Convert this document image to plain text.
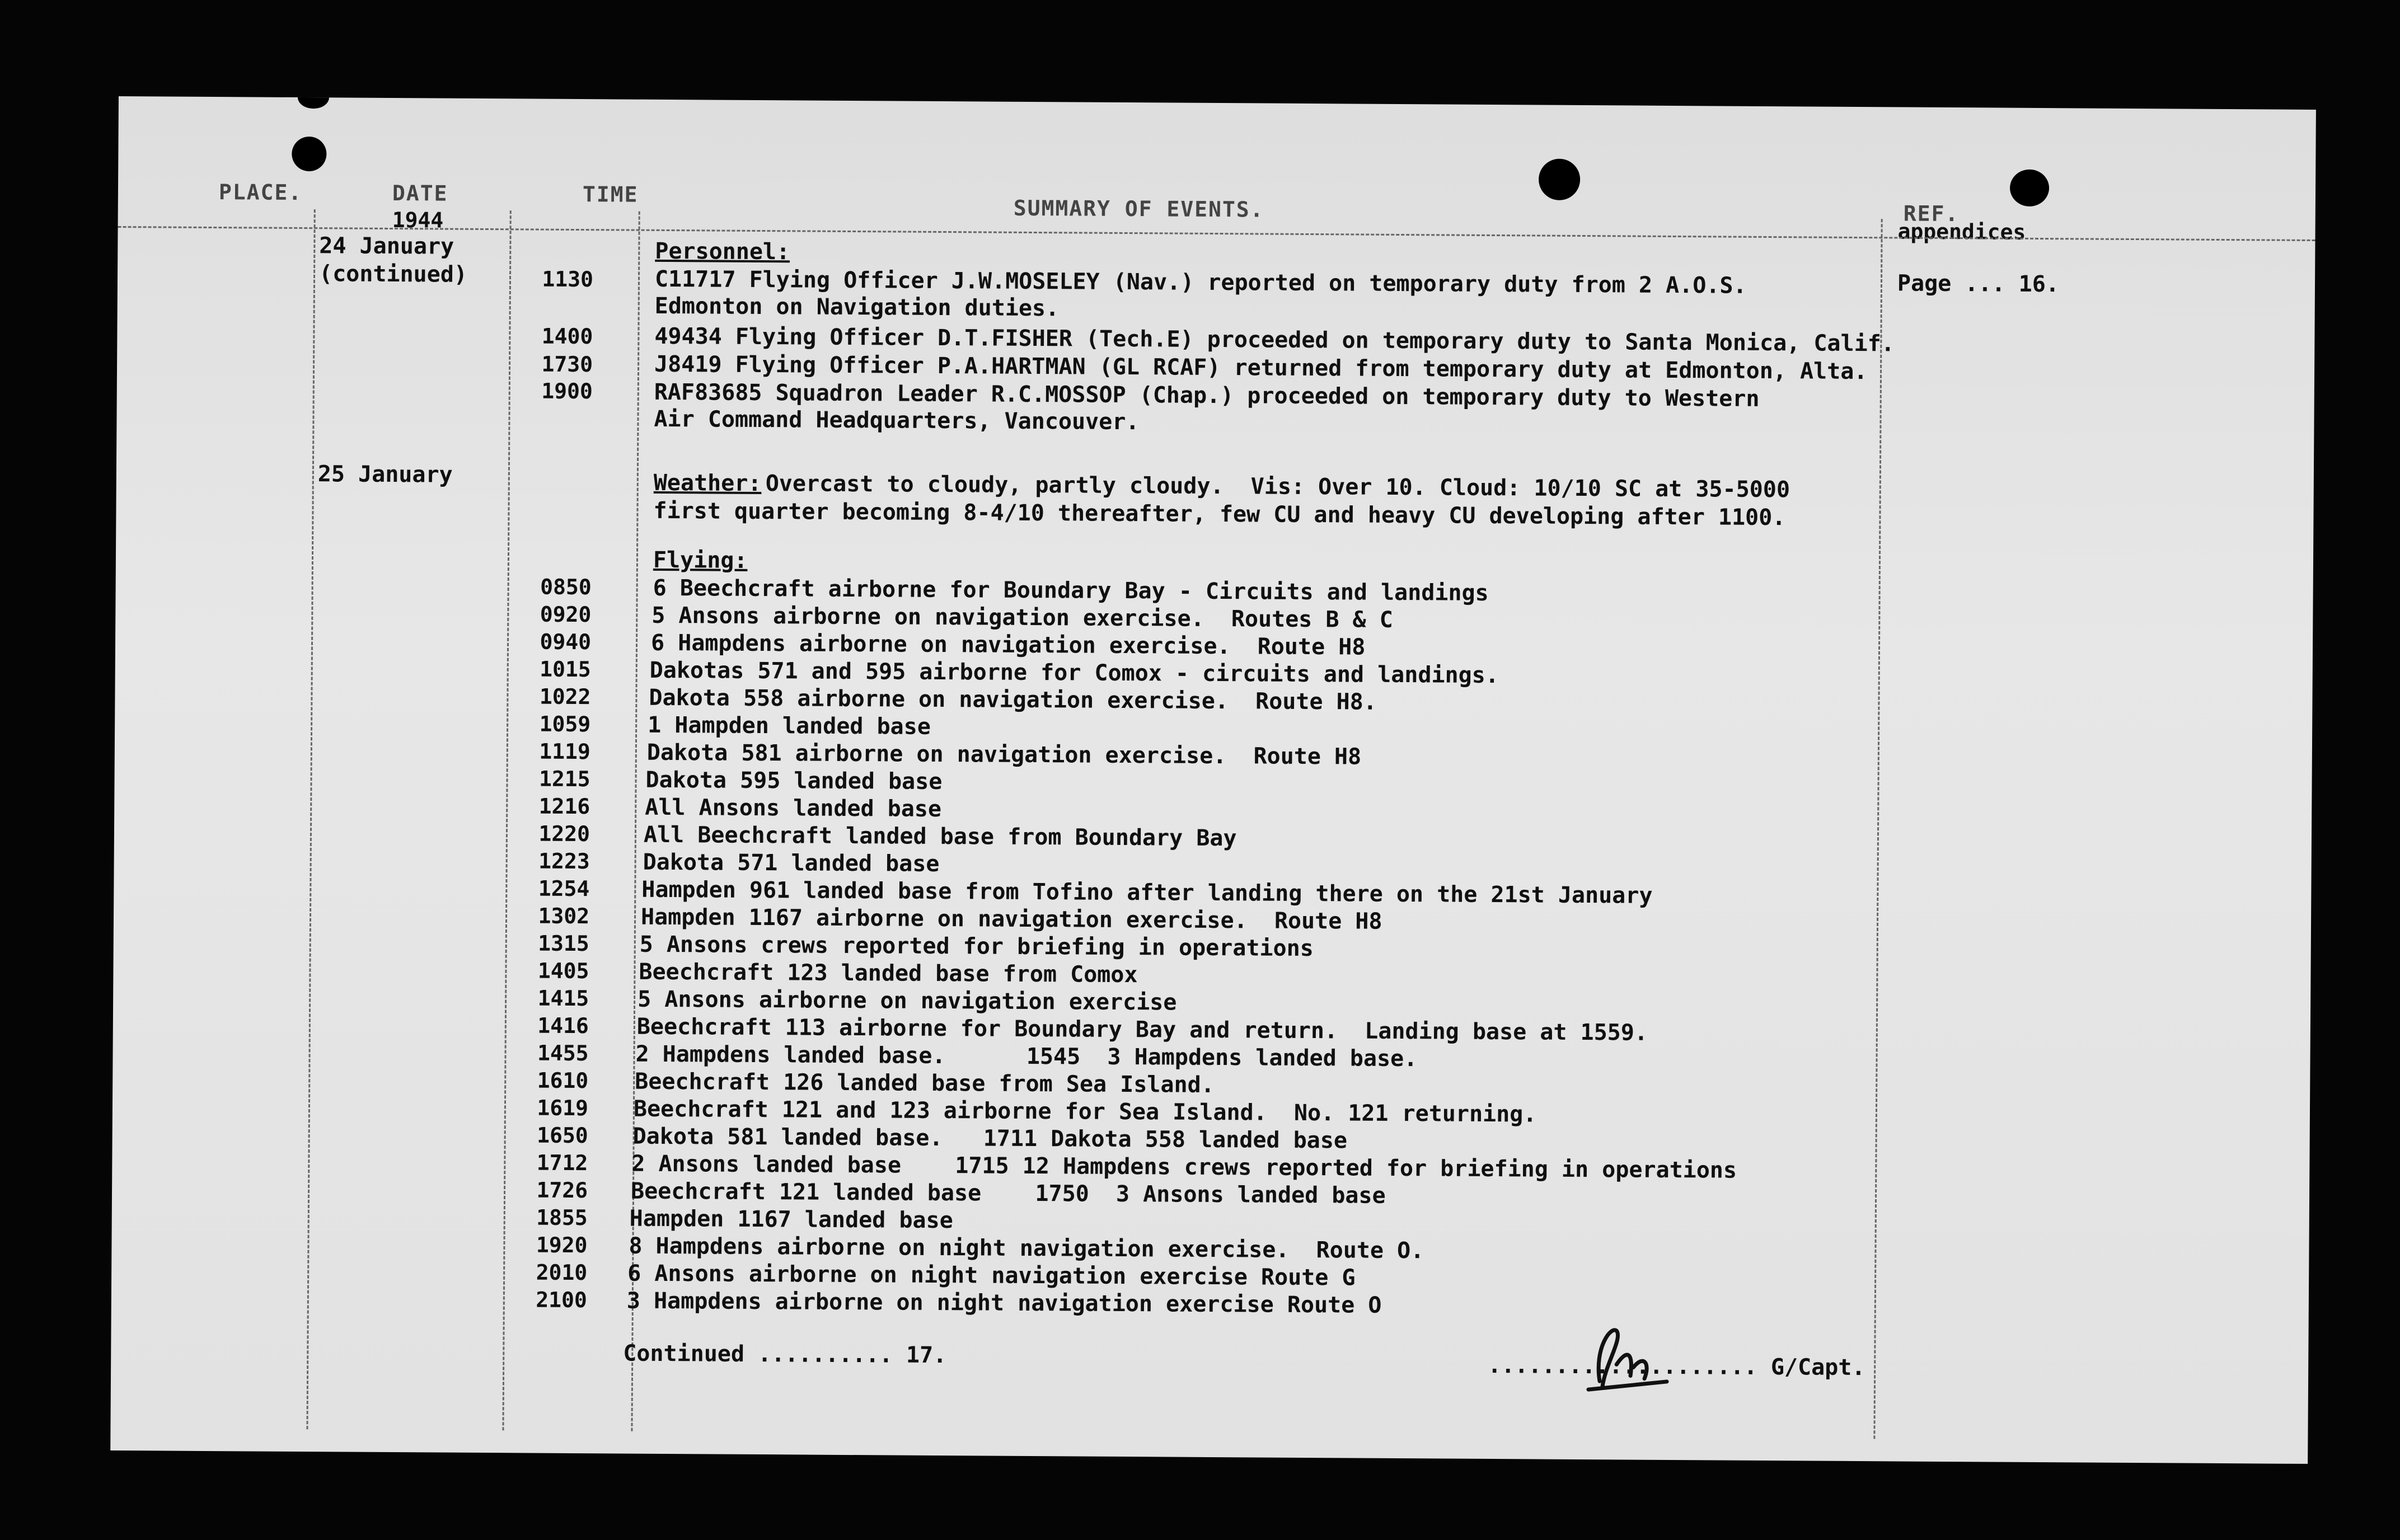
PLACE.	DATE	TIME
SUMMARY OF EVENTS.	REF.
appendices
1944
24 January
(continued)	Page ... 16.
Personnel:
1130	C11717 Flying Officer J.W.MOSELEY (Nav.) reported on temporary duty from 2 A.O.S.
Edmonton on Navigation duties.
1400	49434 Flying Officer D.T.FISHER (Tech.E) proceeded on temporary duty to Santa Monica, Calif.
1730	J8419 Flying Officer P.A.HARTMAN (GL RCAF) returned from temporary duty at Edmonton, Alta.
1900	RAF83685 Squadron Leader R.C.MOSSOP (Chap.) proceeded on temporary duty to Western
Air Command Headquarters, Vancouver.
25 January	Weather: Overcast to cloudy, partly cloudy.  Vis: Over 10. Cloud: 10/10 SC at 35-5000
first quarter becoming 8-4/10 thereafter, few CU and heavy CU developing after 1100.
Flying:
0850	6 Beechcraft airborne for Boundary Bay - Circuits and landings
0920	5 Ansons airborne on navigation exercise.  Routes B & C
0940	6 Hampdens airborne on navigation exercise.  Route H8
1015	Dakotas 571 and 595 airborne for Comox - circuits and landings.
1022	Dakota 558 airborne on navigation exercise.  Route H8.
1059	1 Hampden landed base
1119	Dakota 581 airborne on navigation exercise.  Route H8
1215 Dakota 595 landed base
1216 All Ansons landed base
1220 All Beechcraft landed base from Boundary Bay
1223 Dakota 571 landed base
1254 Hampden 961 landed base from Tofino after landing there on the 21st January
1302 Hampden 1167 airborne on navigation exercise.  Route H8
1315 5 Ansons crews reported for briefing in operations
1405 Beechcraft 123 landed base from Comox
1415 5 Ansons airborne on navigation exercise
1416 Beechcraft 113 airborne for Boundary Bay and return.  Landing base at 1559.
1455 2 Hampdens landed base.      1545  3 Hampdens landed base.
1610 Beechcraft 126 landed base from Sea Island.
1619 Beechcraft 121 and 123 airborne for Sea Island.  No. 121 returning.
1650 Dakota 581 landed base.   1711 Dakota 558 landed base
1712 2 Ansons landed base    1715 12 Hampdens crews reported for briefing in operations
1726 Beechcraft 121 landed base    1750  3 Ansons landed base
1855 Hampden 1167 landed base
1920 8 Hampdens airborne on night navigation exercise.  Route O.
2010 6 Ansons airborne on night navigation exercise Route G
2100 3 Hampdens airborne on night navigation exercise Route O
Continued .......... 17.	.................... G/Capt.
